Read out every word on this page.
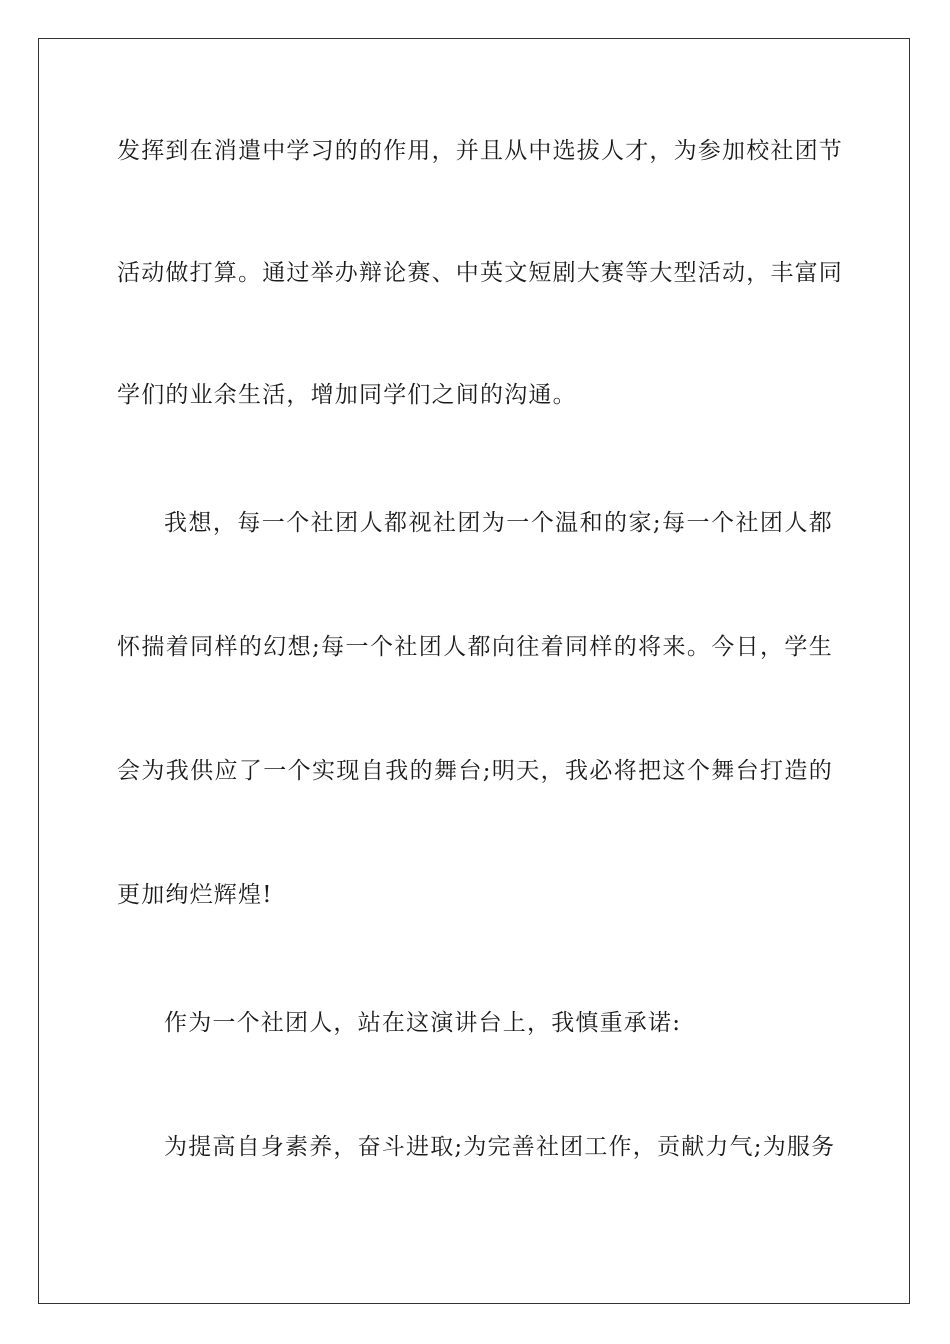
发挥到在消遣中学习的的作用，并且从中选拔人才，为参加校社团节
活动做打算。通过举办辩论赛、中英文短剧大赛等大型活动，丰富同
学们的业余生活，增加同学们之间的沟通。
我想，每一个社团人都视社团为一个温和的家;每一个社团人都
怀揣着同样的幻想;每一个社团人都向往着同样的将来。今日，学生
会为我供应了一个实现自我的舞台;明天，我必将把这个舞台打造的
更加绚烂辉煌!
作为一个社团人，站在这演讲台上，我慎重承诺:
为提高自身素养，奋斗进取;为完善社团工作，贡献力气;为服务
